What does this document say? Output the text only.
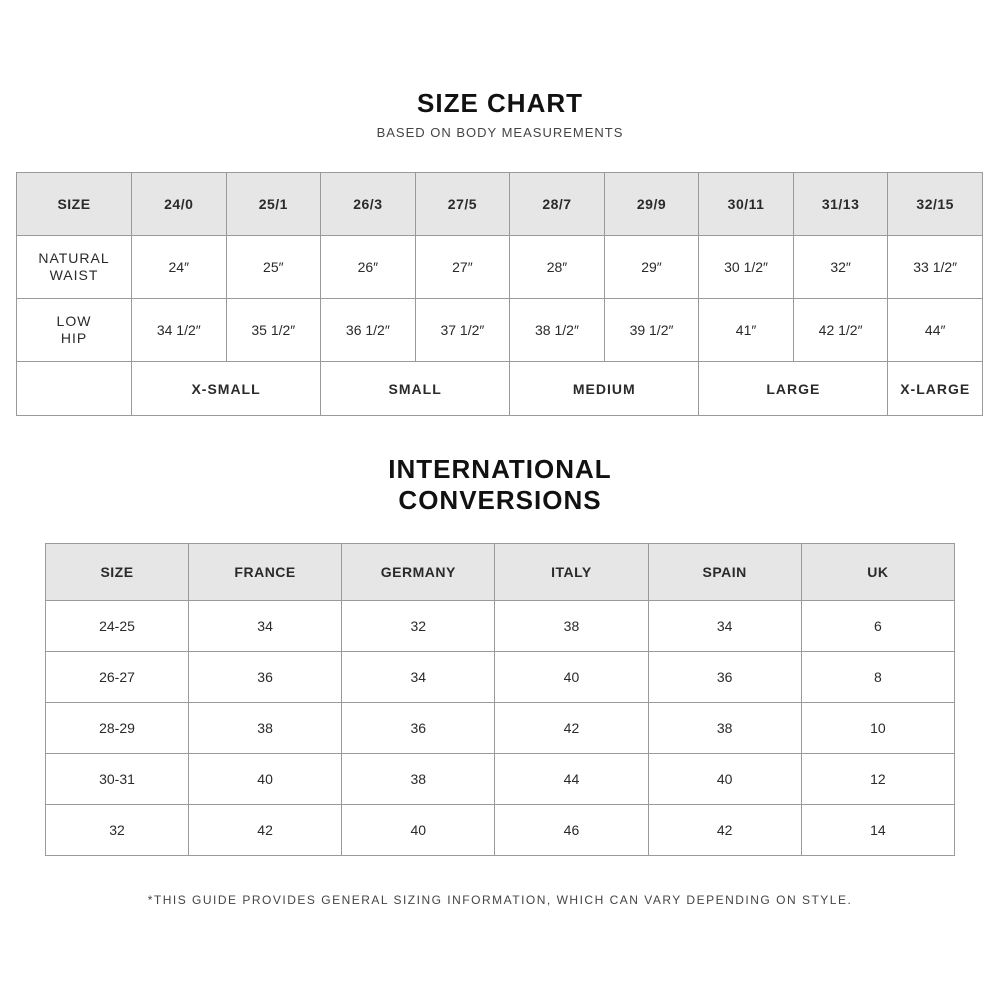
SIZE CHART
BASED ON BODY MEASUREMENTS
SIZE	24/0	25/1	26/3	27/5	28/7	29/9	30/11	31/13	32/15

NATURAL
WAIST	24″	25″	26″	27″	28″	29″	30 1/2″	32″	33 1/2″

LOW
HIP	34 1/2″	35 1/2″	36 1/2″	37 1/2″	38 1/2″	39 1/2″	41″	42 1/2″	44″
	X-SMALL		SMALL		MEDIUM		LARGE		X-LARGE
INTERNATIONAL
CONVERSIONS
SIZE	FRANCE	GERMANY	ITALY	SPAIN	UK
24-25	34	32	38	34	6
26-27	36	34	40	36	8
28-29	38	36	42	38	10
30-31	40	38	44	40	12
32	42	40	46	42	14
*THIS GUIDE PROVIDES GENERAL SIZING INFORMATION, WHICH CAN VARY DEPENDING ON STYLE.
